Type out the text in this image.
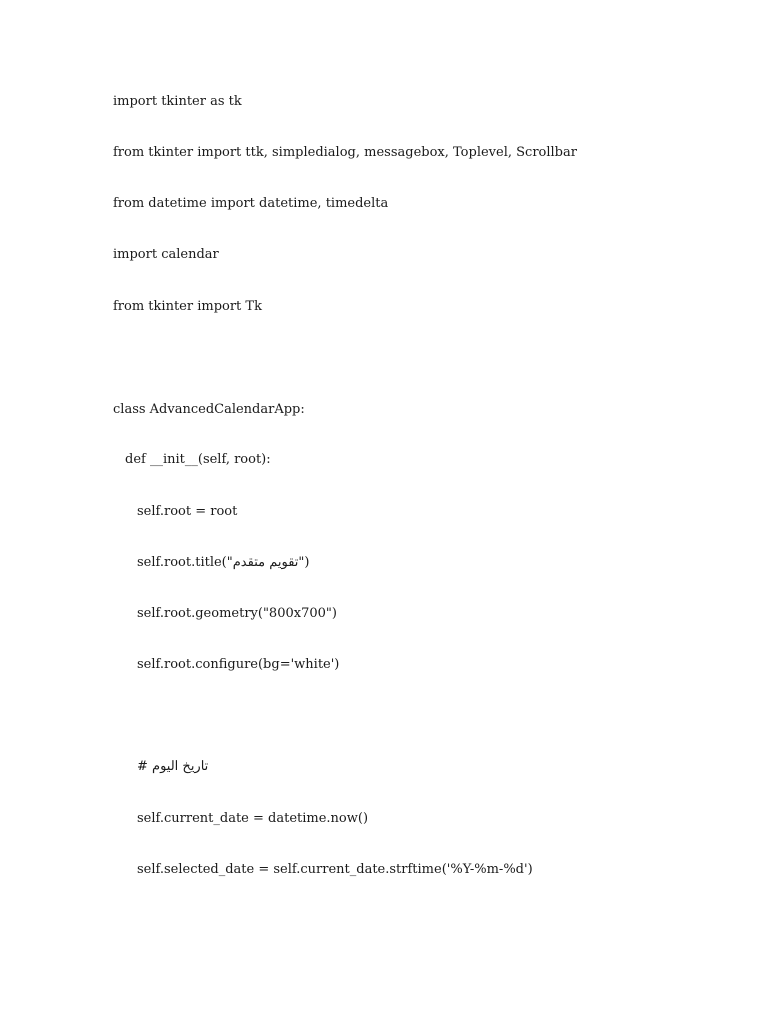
import tkinter as tk
from tkinter import ttk, simpledialog, messagebox, Toplevel, Scrollbar
from datetime import datetime, timedelta
import calendar
from tkinter import Tk
class AdvancedCalendarApp:
def __init__(self, root):
self.root = root
self.root.title("تقويم متقدم")
self.root.geometry("800x700")
self.root.configure(bg='white')
# تاريخ اليوم
self.current_date = datetime.now()
self.selected_date = self.current_date.strftime('%Y-%m-%d')
